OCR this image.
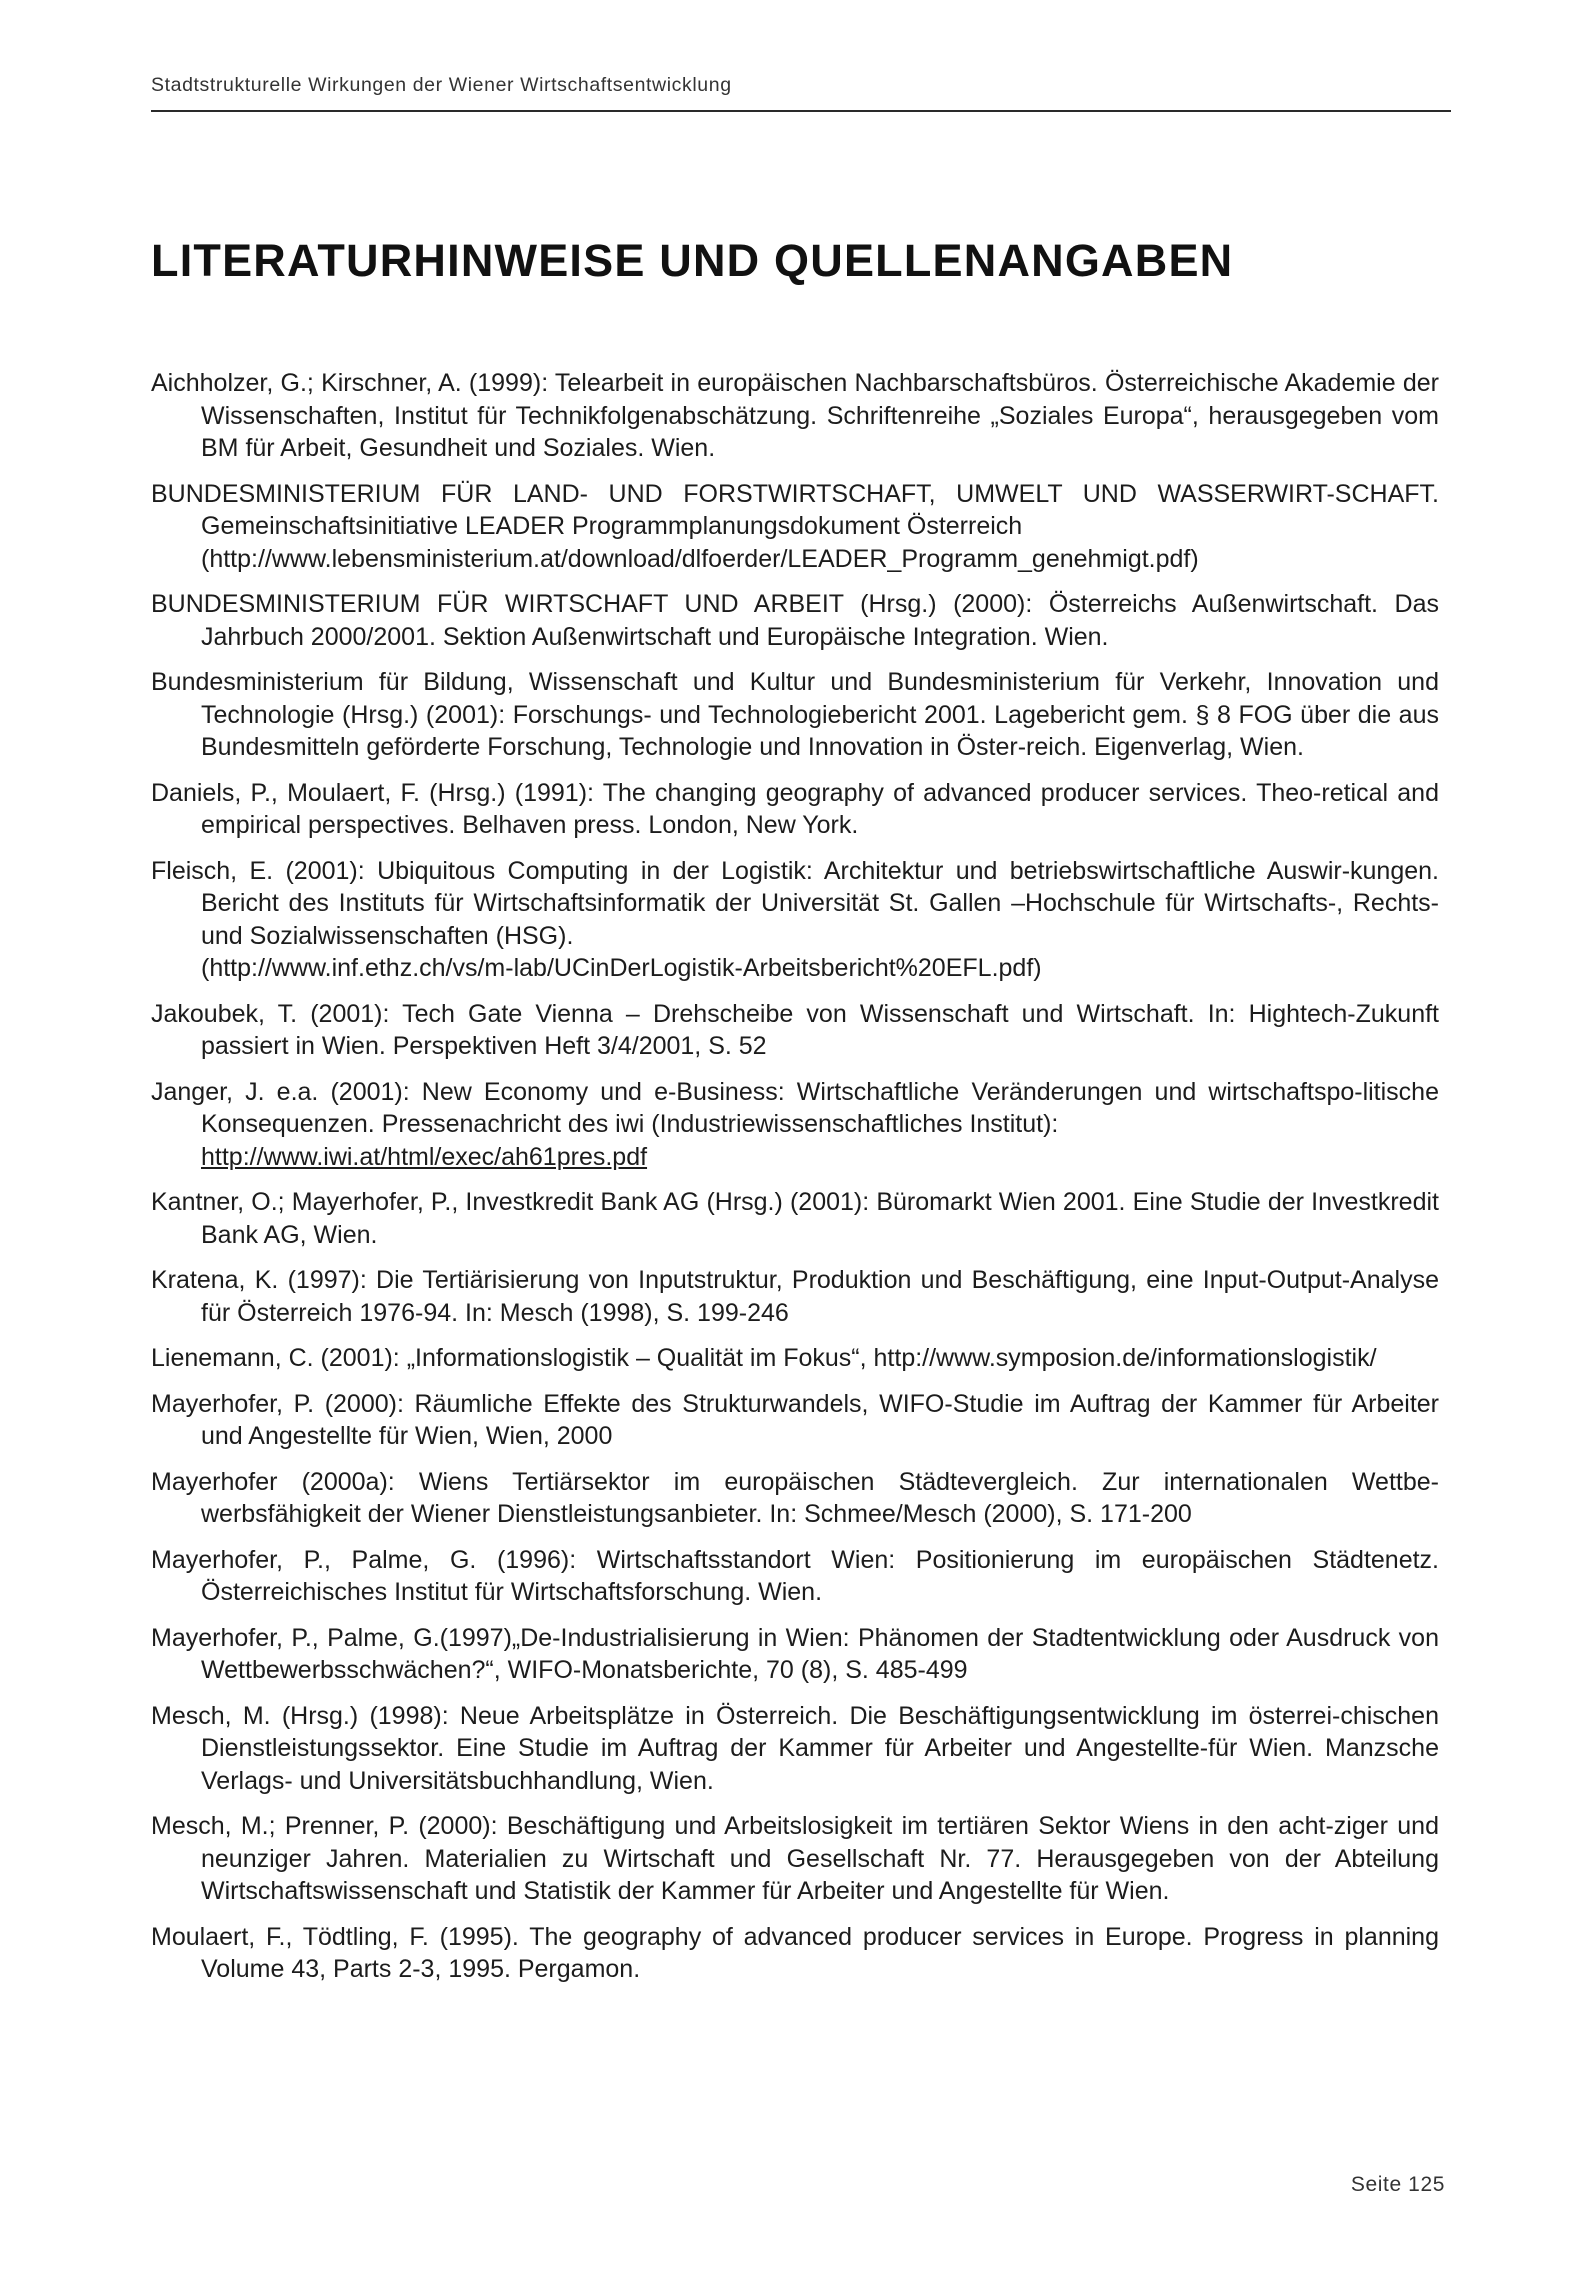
Stadtstrukturelle Wirkungen der Wiener Wirtschaftsentwicklung
LITERATURHINWEISE UND QUELLENANGABEN
Aichholzer, G.; Kirschner, A. (1999): Telearbeit in europäischen Nachbarschaftsbüros. Österreichische Akademie der Wissenschaften, Institut für Technikfolgenabschätzung. Schriftenreihe „Soziales Europa“, herausgegeben vom BM für Arbeit, Gesundheit und Soziales. Wien.
BUNDESMINISTERIUM FÜR LAND- UND FORSTWIRTSCHAFT, UMWELT UND WASSERWIRT-SCHAFT. Gemeinschaftsinitiative LEADER Programmplanungsdokument Österreich
(http://www.lebensministerium.at/download/dlfoerder/LEADER_Programm_genehmigt.pdf)
BUNDESMINISTERIUM FÜR WIRTSCHAFT UND ARBEIT (Hrsg.) (2000): Österreichs Außenwirtschaft. Das Jahrbuch 2000/2001. Sektion Außenwirtschaft und Europäische Integration. Wien.
Bundesministerium für Bildung, Wissenschaft und Kultur und Bundesministerium für Verkehr, Innovation und Technologie (Hrsg.) (2001): Forschungs- und Technologiebericht 2001. Lagebericht gem. § 8 FOG über die aus Bundesmitteln geförderte Forschung, Technologie und Innovation in Öster-reich. Eigenverlag, Wien.
Daniels, P., Moulaert, F. (Hrsg.) (1991): The changing geography of advanced producer services. Theo-retical and empirical perspectives. Belhaven press. London, New York.
Fleisch, E. (2001): Ubiquitous Computing in der Logistik: Architektur und betriebswirtschaftliche Auswir-kungen. Bericht des Instituts für Wirtschaftsinformatik der Universität St. Gallen –Hochschule für Wirtschafts-, Rechts- und Sozialwissenschaften (HSG).
(http://www.inf.ethz.ch/vs/m-lab/UCinDerLogistik-Arbeitsbericht%20EFL.pdf)
Jakoubek, T. (2001): Tech Gate Vienna – Drehscheibe von Wissenschaft und Wirtschaft. In: Hightech-Zukunft passiert in Wien. Perspektiven Heft 3/4/2001, S. 52
Janger, J. e.a. (2001): New Economy und e-Business: Wirtschaftliche Veränderungen und wirtschaftspo-litische Konsequenzen. Pressenachricht des iwi (Industriewissenschaftliches Institut):
http://www.iwi.at/html/exec/ah61pres.pdf
Kantner, O.; Mayerhofer, P., Investkredit Bank AG (Hrsg.) (2001): Büromarkt Wien 2001. Eine Studie der Investkredit Bank AG, Wien.
Kratena, K. (1997): Die Tertiärisierung von Inputstruktur, Produktion und Beschäftigung, eine Input-Output-Analyse für Österreich 1976-94. In: Mesch (1998), S. 199-246
Lienemann, C. (2001): „Informationslogistik – Qualität im Fokus“, http://www.symposion.de/informationslogistik/
Mayerhofer, P. (2000): Räumliche Effekte des Strukturwandels, WIFO-Studie im Auftrag der Kammer für Arbeiter und Angestellte für Wien, Wien, 2000
Mayerhofer (2000a): Wiens Tertiärsektor im europäischen Städtevergleich. Zur internationalen Wettbe-werbsfähigkeit der Wiener Dienstleistungsanbieter. In: Schmee/Mesch (2000), S. 171-200
Mayerhofer, P., Palme, G. (1996): Wirtschaftsstandort Wien: Positionierung im europäischen Städtenetz. Österreichisches Institut für Wirtschaftsforschung. Wien.
Mayerhofer, P., Palme, G.(1997)„De-Industrialisierung in Wien: Phänomen der Stadtentwicklung oder Ausdruck von Wettbewerbsschwächen?“, WIFO-Monatsberichte, 70 (8), S. 485-499
Mesch, M. (Hrsg.) (1998): Neue Arbeitsplätze in Österreich. Die Beschäftigungsentwicklung im österrei-chischen Dienstleistungssektor. Eine Studie im Auftrag der Kammer für Arbeiter und Angestellte-für Wien. Manzsche Verlags- und Universitätsbuchhandlung, Wien.
Mesch, M.; Prenner, P. (2000): Beschäftigung und Arbeitslosigkeit im tertiären Sektor Wiens in den acht-ziger und neunziger Jahren. Materialien zu Wirtschaft und Gesellschaft Nr. 77. Herausgegeben von der Abteilung Wirtschaftswissenschaft und Statistik der Kammer für Arbeiter und Angestellte für Wien.
Moulaert, F., Tödtling, F. (1995). The geography of advanced producer services in Europe. Progress in planning Volume 43, Parts 2-3, 1995. Pergamon.
Seite 125
